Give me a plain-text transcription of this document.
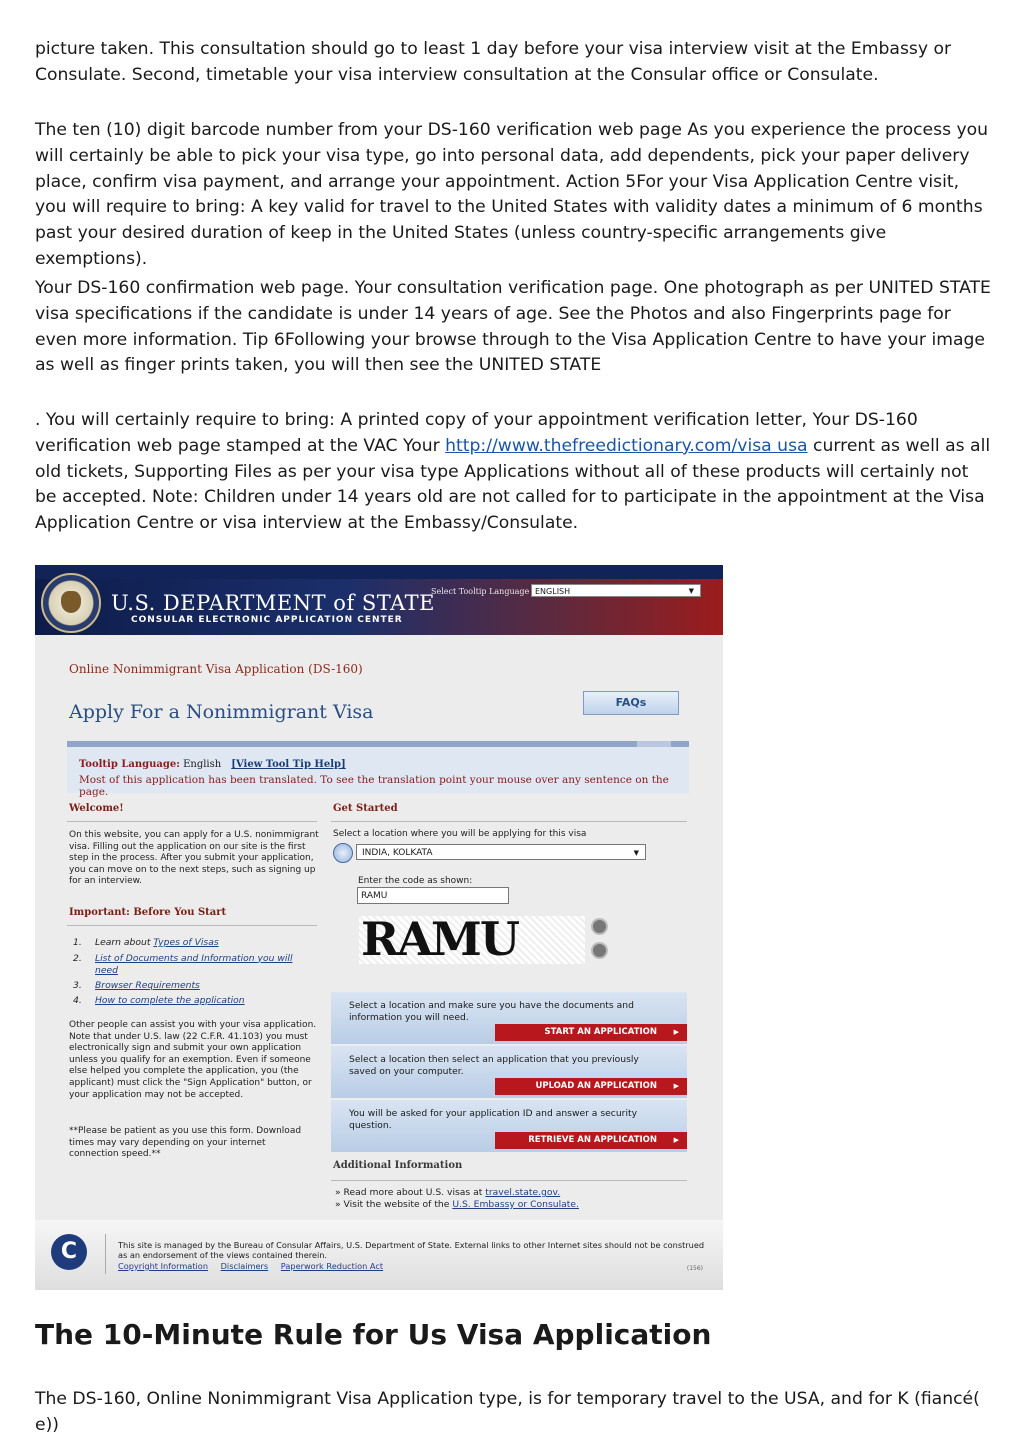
picture taken. This consultation should go to least 1 day before your visa interview visit at the Embassy or Consulate. Second, timetable your visa interview consultation at the Consular office or Consulate.

The ten (10) digit barcode number from your DS-160 verification web page As you experience the process you will certainly be able to pick your visa type, go into personal data, add dependents, pick your paper delivery place, confirm visa payment, and arrange your appointment. Action 5For your Visa Application Centre visit, you will require to bring: A key valid for travel to the United States with validity dates a minimum of 6 months past your desired duration of keep in the United States (unless country-specific arrangements give exemptions).

Your DS-160 confirmation web page. Your consultation verification page. One photograph as per UNITED STATE visa specifications if the candidate is under 14 years of age. See the Photos and also Fingerprints page for even more information. Tip 6Following your browse through to the Visa Application Centre to have your image as well as finger prints taken, you will then see the UNITED STATE

. You will certainly require to bring: A printed copy of your appointment verification letter, Your DS-160 verification web page stamped at the VAC Your http://www.thefreedictionary.com/visa usa current as well as all old tickets, Supporting Files as per your visa type Applications without all of these products will certainly not be accepted. Note: Children under 14 years old are not called for to participate in the appointment at the Visa Application Centre or visa interview at the Embassy/Consulate.

U.S. DEPARTMENT of STATE
CONSULAR ELECTRONIC APPLICATION CENTER
Select Tooltip Language ENGLISH	▼
Online Nonimmigrant Visa Application (DS-160)
Apply For a Nonimmigrant Visa	FAQs
Tooltip Language: English [View Tool Tip Help]
Most of this application has been translated. To see the translation point your mouse over any sentence on the page.
Welcome!
On this website, you can apply for a U.S. nonimmigrant visa. Filling out the application on our site is the first step in the process. After you submit your application, you can move on to the next steps, such as signing up for an interview.
Important: Before You Start
1. Learn about Types of Visas
2.	List of Documents and Information you will need
3. Browser Requirements
4. How to complete the application
Other people can assist you with your visa application. Note that under U.S. law (22 C.F.R. 41.103) you must electronically sign and submit your own application unless you qualify for an exemption. Even if someone else helped you complete the application, you (the applicant) must click the "Sign Application" button, or your application may not be accepted.
**Please be patient as you use this form. Download times may vary depending on your internet connection speed.**
Get Started
Select a location where you will be applying for this visa
INDIA, KOLKATA	▼
Enter the code as shown:
RAMU
RAMU
Select a location and make sure you have the documents and information you will need.
START AN APPLICATION ▶
Select a location then select an application that you previously saved on your computer.
UPLOAD AN APPLICATION ▶
You will be asked for your application ID and answer a security question.
RETRIEVE AN APPLICATION ▶
Additional Information
» Read more about U.S. visas at travel.state.gov.
» Visit the website of the U.S. Embassy or Consulate.
C	This site is managed by the Bureau of Consular Affairs, U.S. Department of State. External links to other Internet sites should not be construed as an endorsement of the views contained therein.
Copyright Information Disclaimers Paperwork Reduction Act	(156)
The 10-Minute Rule for Us Visa Application

The DS-160, Online Nonimmigrant Visa Application type, is for temporary travel to the USA, and for K (fiancé( e))
